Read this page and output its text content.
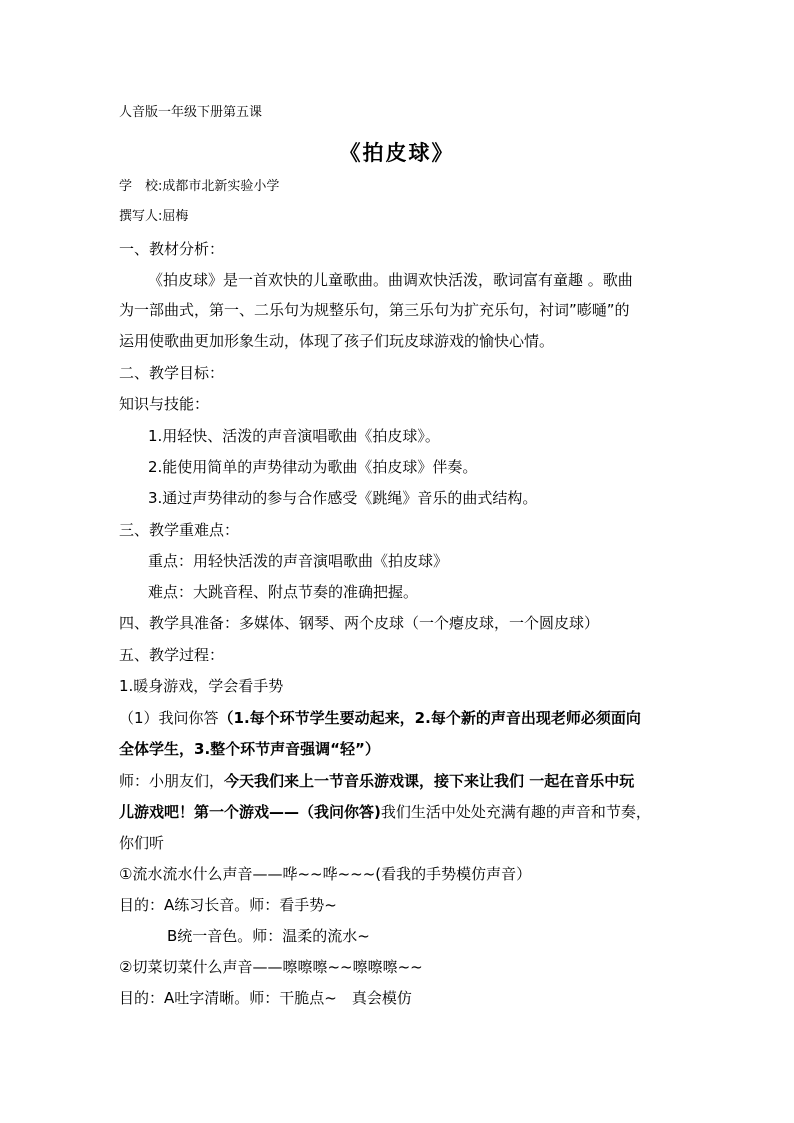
人音版一年级下册第五课
《拍皮球》
学　校:成都市北新实验小学
撰写人:屈梅
一、教材分析：
《拍皮球》是一首欢快的儿童歌曲。曲调欢快活泼，歌词富有童趣 。歌曲
为一部曲式，第一、二乐句为规整乐句，第三乐句为扩充乐句，衬词”嘭嗵”的
运用使歌曲更加形象生动，体现了孩子们玩皮球游戏的愉快心情。
二、教学目标：
知识与技能：
1.用轻快、活泼的声音演唱歌曲《拍皮球》。
2.能使用简单的声势律动为歌曲《拍皮球》伴奏。
3.通过声势律动的参与合作感受《跳绳》音乐的曲式结构。
三、教学重难点：
重点：用轻快活泼的声音演唱歌曲《拍皮球》
难点：大跳音程、附点节奏的准确把握。
四、教学具准备：多媒体、钢琴、两个皮球（一个瘪皮球，一个圆皮球）
五、教学过程：
1.暖身游戏，学会看手势
（1）我问你答（1.每个环节学生要动起来，2.每个新的声音出现老师必须面向
全体学生，3.整个环节声音强调“轻”）
师：小朋友们，今天我们来上一节音乐游戏课，接下来让我们 一起在音乐中玩
儿游戏吧！第一个游戏——（我问你答)我们生活中处处充满有趣的声音和节奏，
你们听
①流水流水什么声音——哗~~哗~~~(看我的手势模仿声音）
目的：A练习长音。师：看手势~
B统一音色。师：温柔的流水~
②切菜切菜什么声音——嚓嚓嚓~~嚓嚓嚓~~
目的：A吐字清晰。师：干脆点~　真会模仿
